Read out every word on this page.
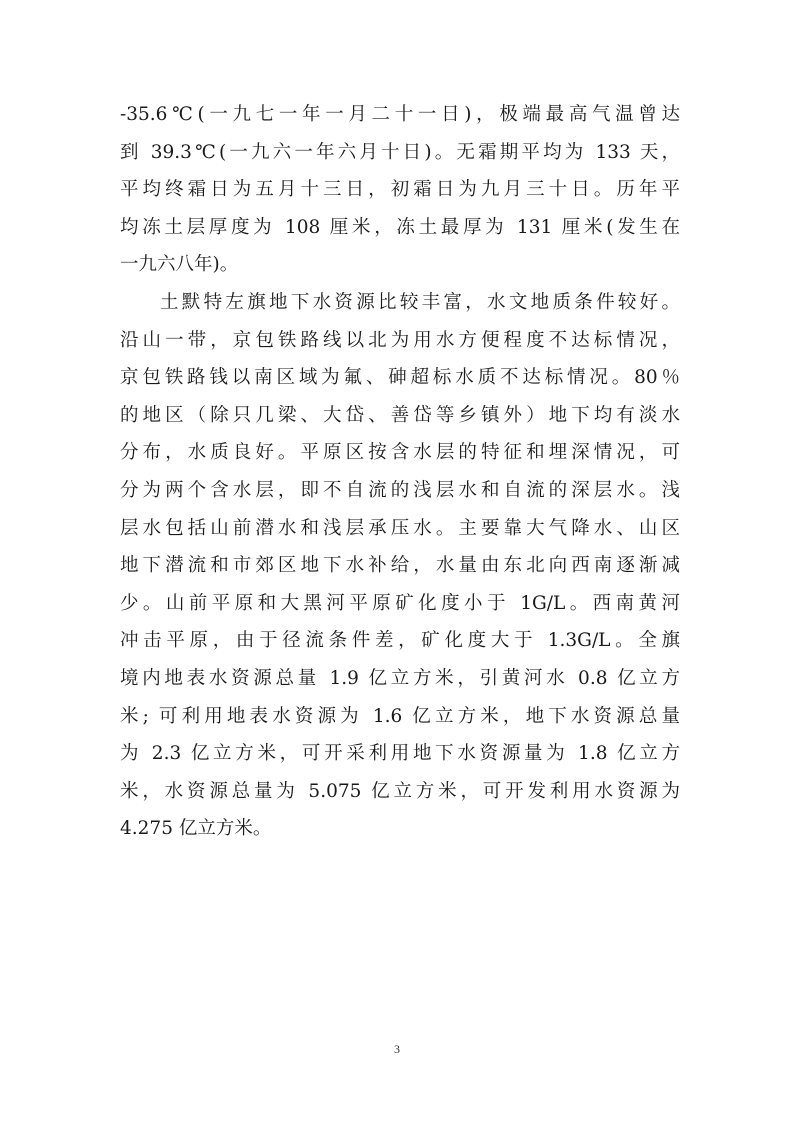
-35.6℃(一九七一年一月二十一日)，极端最高气温曾达
到 39.3℃(一九六一年六月十日)。无霜期平均为 133 天，
平均终霜日为五月十三日，初霜日为九月三十日。历年平
均冻土层厚度为 108 厘米，冻土最厚为 131 厘米(发生在
一九六八年)。
土默特左旗地下水资源比较丰富，水文地质条件较好。
沿山一带，京包铁路线以北为用水方便程度不达标情况，
京包铁路钱以南区域为氟、砷超标水质不达标情况。80％
的地区（除只几梁、大岱、善岱等乡镇外）地下均有淡水
分布，水质良好。平原区按含水层的特征和埋深情况，可
分为两个含水层，即不自流的浅层水和自流的深层水。浅
层水包括山前潜水和浅层承压水。主要靠大气降水、山区
地下潜流和市郊区地下水补给，水量由东北向西南逐渐减
少。山前平原和大黑河平原矿化度小于 1G/L。西南黄河
冲击平原，由于径流条件差，矿化度大于 1.3G/L。全旗
境内地表水资源总量 1.9 亿立方米，引黄河水 0.8 亿立方
米; 可利用地表水资源为 1.6 亿立方米，地下水资源总量
为 2.3 亿立方米，可开采利用地下水资源量为 1.8 亿立方
米，水资源总量为 5.075 亿立方米，可开发利用水资源为
4.275 亿立方米。
3
